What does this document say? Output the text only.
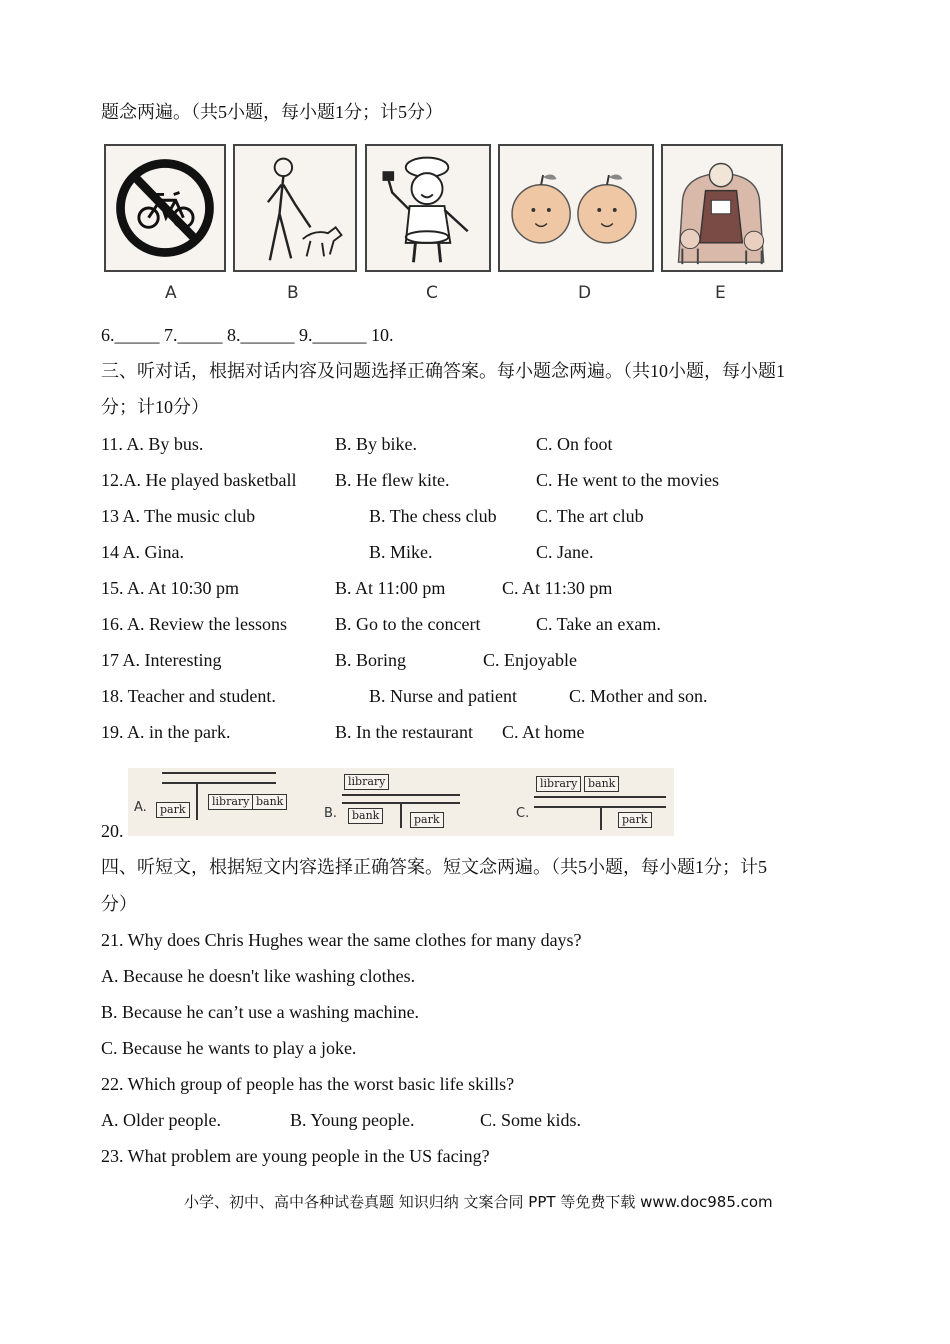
题念两遍。（共5小题，每小题1分；计5分）
A	B	C	D	E
6._____ 7._____ 8.______ 9.______ 10.
三、听对话，根据对话内容及问题选择正确答案。每小题念两遍。（共10小题，每小题1
分；计10分）
11. A. By bus.	B. By bike.	C. On foot
12.A. He played basketball B. He flew kite.	C. He went to the movies
13 A. The music club	B. The chess club C. The art club
14 A. Gina.	B. Mike.	C. Jane.
15. A. At 10:30 pm	B. At 11:00 pm	C. At 11:30 pm
16. A. Review the lessons	B. Go to the concert	C. Take an exam.
17 A. Interesting	B. Boring	C. Enjoyable
18. Teacher and student.	B. Nurse and patient	C. Mother and son.
19. A. in the park.	B. In the restaurant C. At home
20.
A.	park
library bank
B.
library
bank	park	C.
library bank
park
四、听短文，根据短文内容选择正确答案。短文念两遍。（共5小题，每小题1分；计5
分）
21. Why does Chris Hughes wear the same clothes for many days?
A. Because he doesn't like washing clothes.
B. Because he can’t use a washing machine.
C. Because he wants to play a joke.
22. Which group of people has the worst basic life skills?
A. Older people.	B. Young people.	C. Some kids.
23. What problem are young people in the US facing?
小学、初中、高中各种试卷真题 知识归纳 文案合同 PPT 等免费下载 www.doc985.com
